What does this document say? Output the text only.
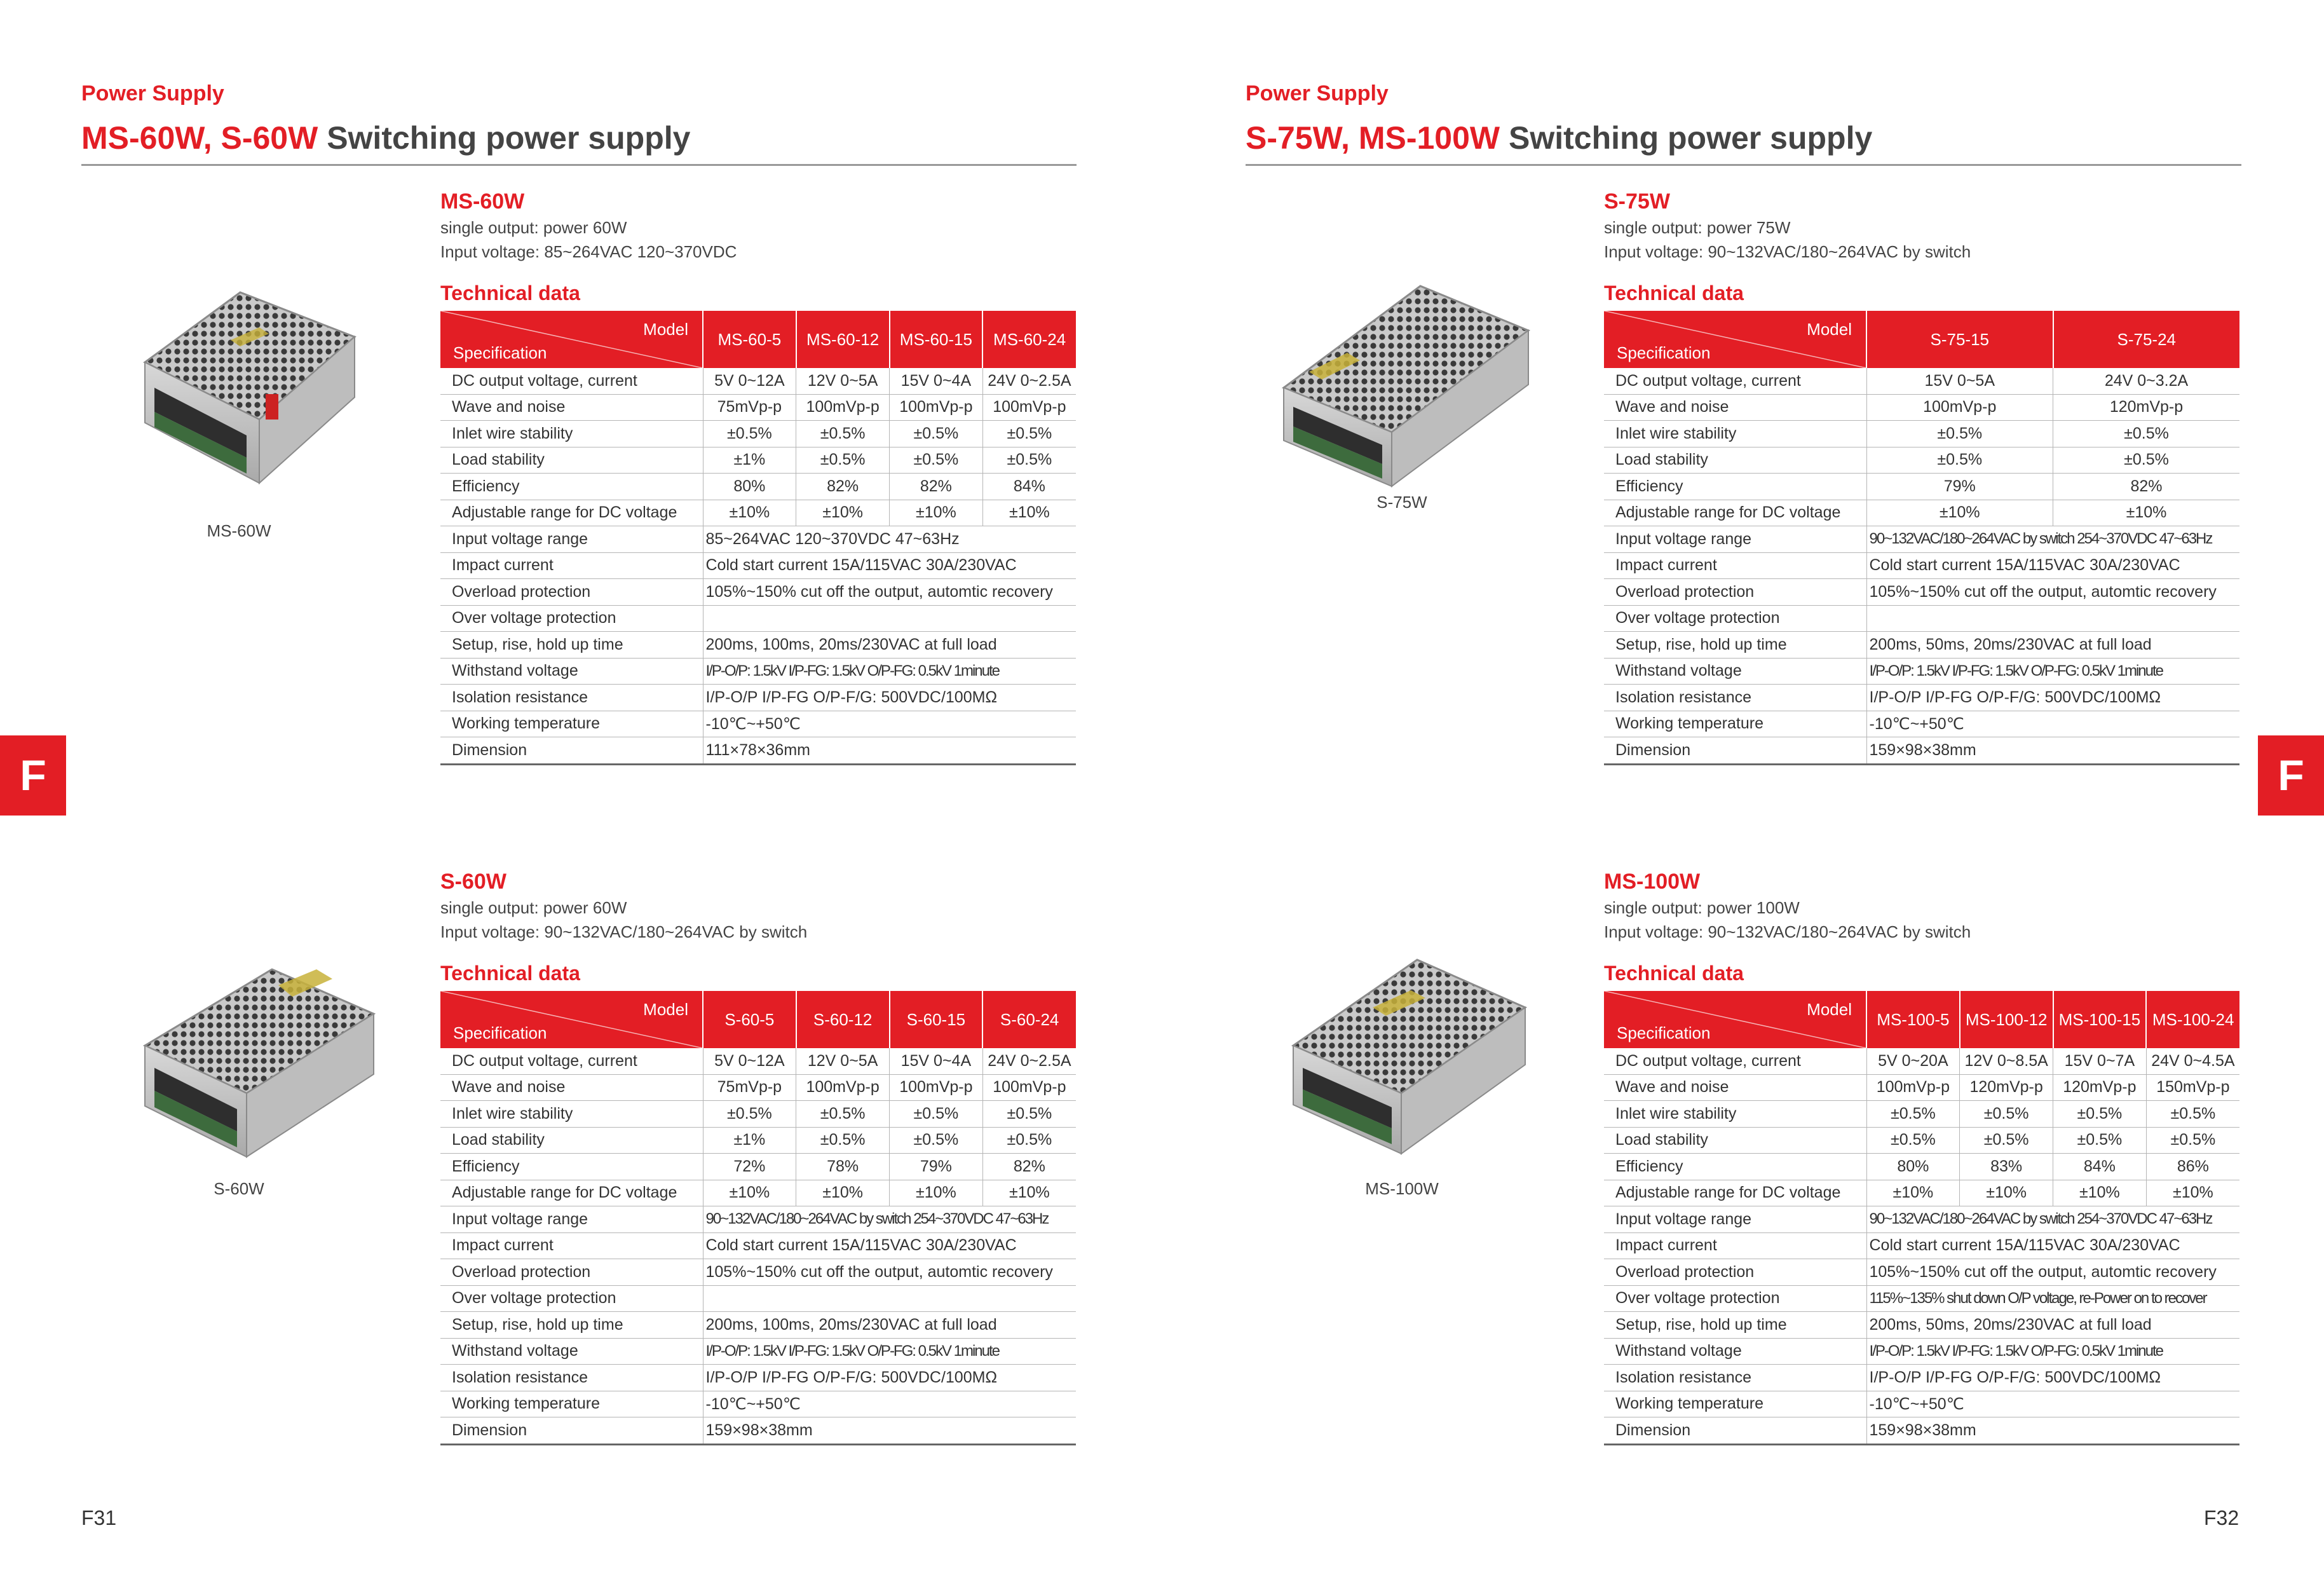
Power Supply
MS-60W, S-60W Switching power supply
Power Supply
S-75W, MS-100W Switching power supply
F	F
MS-60W
S-60W
S-75W
MS-100W
MS-60W
single output: power 60W
Input voltage: 85~264VAC 120~370VDC
Technical data
Model
Specification	MS-60-5	MS-60-12	MS-60-15	MS-60-24
DC output voltage, current	5V 0~12A	12V 0~5A	15V 0~4A	24V 0~2.5A
Wave and noise	75mVp-p	100mVp-p	100mVp-p	100mVp-p
Inlet wire stability	±0.5%	±0.5%	±0.5%	±0.5%
Load stability	±1%	±0.5%	±0.5%	±0.5%
Efficiency	80%	82%	82%	84%
Adjustable range for DC voltage	±10%	±10%	±10%	±10%
Input voltage range	85~264VAC 120~370VDC 47~63Hz			
Impact current	Cold start current 15A/115VAC 30A/230VAC			
Overload protection	105%~150% cut off the output, automtic recovery			
Over voltage protection				
Setup, rise, hold up time	200ms, 100ms, 20ms/230VAC at full load			
Withstand voltage	I/P-O/P: 1.5kV I/P-FG: 1.5kV O/P-FG: 0.5kV 1minute			
Isolation resistance	I/P-O/P I/P-FG O/P-F/G: 500VDC/100MΩ			
Working temperature	-10℃~+50℃			
Dimension	111×78×36mm			
S-60W
single output: power 60W
Input voltage: 90~132VAC/180~264VAC by switch
Technical data
Model
Specification	S-60-5	S-60-12	S-60-15	S-60-24
DC output voltage, current	5V 0~12A	12V 0~5A	15V 0~4A	24V 0~2.5A
Wave and noise	75mVp-p	100mVp-p	100mVp-p	100mVp-p
Inlet wire stability	±0.5%	±0.5%	±0.5%	±0.5%
Load stability	±1%	±0.5%	±0.5%	±0.5%
Efficiency	72%	78%	79%	82%
Adjustable range for DC voltage	±10%	±10%	±10%	±10%
Input voltage range	90~132VAC/180~264VAC by switch 254~370VDC 47~63Hz			
Impact current	Cold start current 15A/115VAC 30A/230VAC			
Overload protection	105%~150% cut off the output, automtic recovery			
Over voltage protection				
Setup, rise, hold up time	200ms, 100ms, 20ms/230VAC at full load			
Withstand voltage	I/P-O/P: 1.5kV I/P-FG: 1.5kV O/P-FG: 0.5kV 1minute			
Isolation resistance	I/P-O/P I/P-FG O/P-F/G: 500VDC/100MΩ			
Working temperature	-10℃~+50℃			
Dimension	159×98×38mm			
S-75W
single output: power 75W
Input voltage: 90~132VAC/180~264VAC by switch
Technical data
Model
Specification	S-75-15	S-75-24
DC output voltage, current	15V 0~5A	24V 0~3.2A
Wave and noise	100mVp-p	120mVp-p
Inlet wire stability	±0.5%	±0.5%
Load stability	±0.5%	±0.5%
Efficiency	79%	82%
Adjustable range for DC voltage	±10%	±10%
Input voltage range	90~132VAC/180~264VAC by switch 254~370VDC 47~63Hz	
Impact current	Cold start current 15A/115VAC 30A/230VAC	
Overload protection	105%~150% cut off the output, automtic recovery	
Over voltage protection		
Setup, rise, hold up time	200ms, 50ms, 20ms/230VAC at full load	
Withstand voltage	I/P-O/P: 1.5kV I/P-FG: 1.5kV O/P-FG: 0.5kV 1minute	
Isolation resistance	I/P-O/P I/P-FG O/P-F/G: 500VDC/100MΩ	
Working temperature	-10℃~+50℃	
Dimension	159×98×38mm	
MS-100W
single output: power 100W
Input voltage: 90~132VAC/180~264VAC by switch
Technical data
Model
Specification	MS-100-5	MS-100-12	MS-100-15	MS-100-24
DC output voltage, current	5V 0~20A	12V 0~8.5A	15V 0~7A	24V 0~4.5A
Wave and noise	100mVp-p	120mVp-p	120mVp-p	150mVp-p
Inlet wire stability	±0.5%	±0.5%	±0.5%	±0.5%
Load stability	±0.5%	±0.5%	±0.5%	±0.5%
Efficiency	80%	83%	84%	86%
Adjustable range for DC voltage	±10%	±10%	±10%	±10%
Input voltage range	90~132VAC/180~264VAC by switch 254~370VDC 47~63Hz			
Impact current	Cold start current 15A/115VAC 30A/230VAC			
Overload protection	105%~150% cut off the output, automtic recovery			
Over voltage protection	115%~135% shut down O/P voltage, re-Power on to recover			
Setup, rise, hold up time	200ms, 50ms, 20ms/230VAC at full load			
Withstand voltage	I/P-O/P: 1.5kV I/P-FG: 1.5kV O/P-FG: 0.5kV 1minute			
Isolation resistance	I/P-O/P I/P-FG O/P-F/G: 500VDC/100MΩ			
Working temperature	-10℃~+50℃			
Dimension	159×98×38mm			
F31	F32
